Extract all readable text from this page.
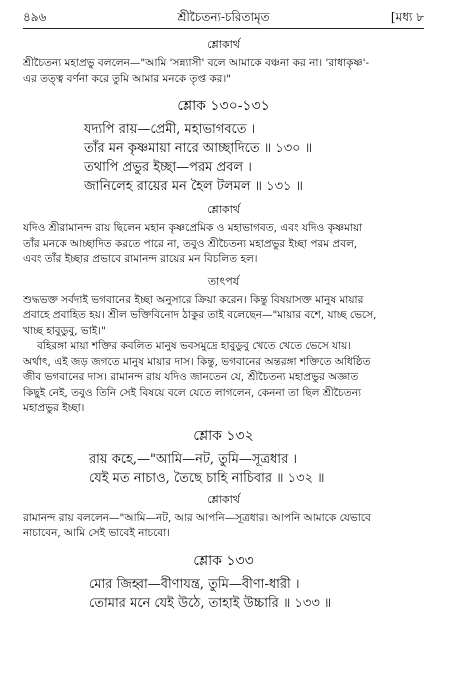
৪৯৬	শ্রীচৈতন্য-চরিতামৃত	[মধ্য ৮

শ্লোকার্থ

শ্রীচৈতন্য মহাপ্রভু বললেন—"আমি 'সন্ন্যাসী' বলে আমাকে বঞ্চনা কর না। 'রাধাকৃষ্ণ'-
এর তত্ত্ব বর্ণনা করে তুমি আমার মনকে তৃপ্ত কর।"

শ্লোক ১৩০-১৩১

যদ্যপি রায়—প্রেমী, মহাভাগবতে ।
তাঁর মন কৃষ্ণমায়া নারে আচ্ছাদিতে ॥ ১৩০ ॥
তথাপি প্রভুর ইচ্ছা—পরম প্রবল ।
জানিলেহ রায়ের মন হৈল টলমল ॥ ১৩১ ॥

শ্লোকার্থ

যদিও শ্রীরামানন্দ রায় ছিলেন মহান কৃষ্ণপ্রেমিক ও মহাভাগবত, এবং যদিও কৃষ্ণমায়া
তাঁর মনকে আচ্ছাদিত করতে পারে না, তবুও শ্রীচৈতন্য মহাপ্রভুর ইচ্ছা পরম প্রবল,
এবং তাঁর ইচ্ছার প্রভাবে রামানন্দ রায়ের মন বিচলিত হল।

তাৎপর্য

শুদ্ধভক্ত সর্বদাই ভগবানের ইচ্ছা অনুসারে ক্রিয়া করেন। কিন্তু বিষয়াসক্ত মানুষ মায়ার
প্রবাহে প্রবাহিত হয়। শ্রীল ভক্তিবিনোদ ঠাকুর তাই বলেছেন—"মায়ার বশে, যাচ্ছ ভেসে,
খাচ্ছ হাবুডুবু, ভাই।"
বহিরঙ্গা মায়া শক্তির কবলিত মানুষ ভবসমুদ্রে হাবুডুবু খেতে খেতে ভেসে যায়।
অর্থাৎ, এই জড় জগতে মানুষ মায়ার দাস। কিন্তু, ভগবানের অন্তরঙ্গা শক্তিতে অধিষ্ঠিত
জীব ভগবানের দাস। রামানন্দ রায় যদিও জানতেন যে, শ্রীচৈতন্য মহাপ্রভুর অজ্ঞাত
কিছুই নেই, তবুও তিনি সেই বিষয়ে বলে যেতে লাগলেন, কেননা তা ছিল শ্রীচৈতন্য
মহাপ্রভুর ইচ্ছা।

শ্লোক ১৩২

রায় কহে,—"আমি—নট, তুমি—সূত্রধার ।
যেই মত নাচাও, তৈছে চাহি নাচিবার ॥ ১৩২ ॥

শ্লোকার্থ

রামানন্দ রায় বললেন—"আমি—নট, আর আপনি—সূত্রধার। আপনি আমাকে যেভাবে
নাচাবেন, আমি সেই ভাবেই নাচবো।

শ্লোক ১৩৩

মোর জিহ্বা—বীণাযন্ত্র, তুমি—বীণা-ধারী ।
তোমার মনে যেই উঠে, তাহাই উচ্চারি ॥ ১৩৩ ॥
